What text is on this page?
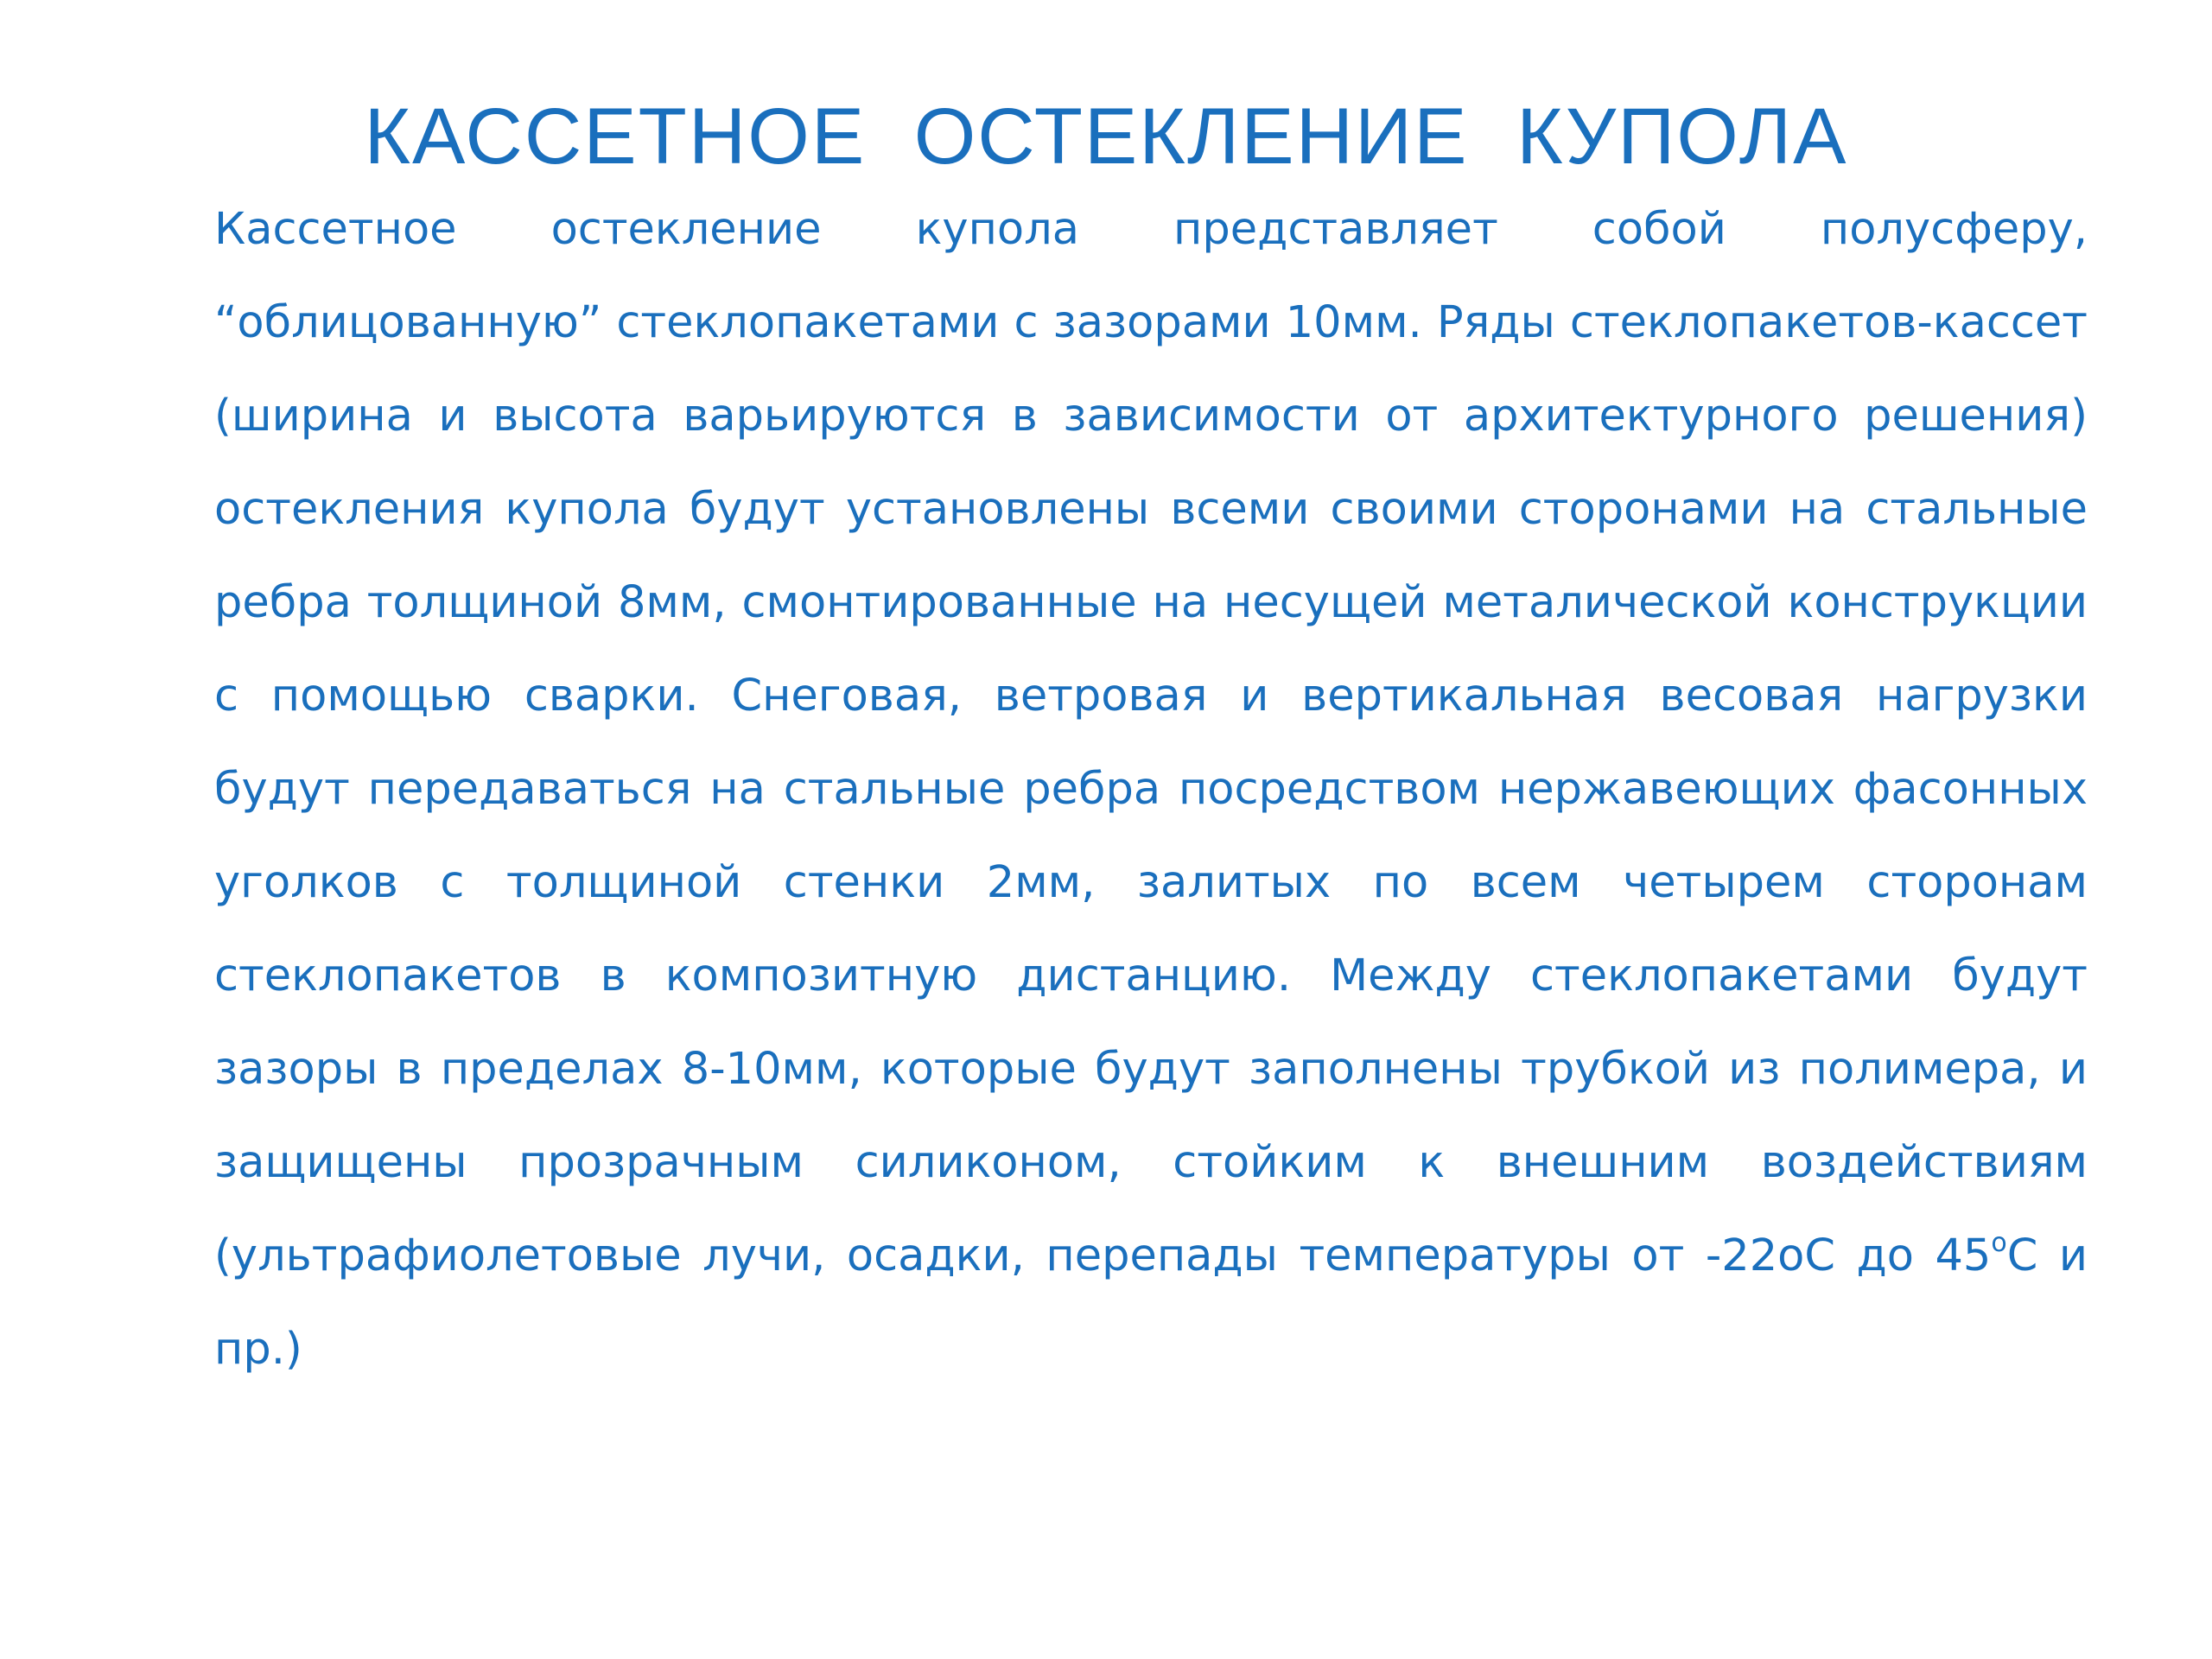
КАССЕТНОЕ ОСТЕКЛЕНИЕ КУПОЛА

Кассетное остекление купола представляет собой полусферу, “облицованную” стеклопакетами с зазорами 10мм. Ряды стеклопакетов-кассет (ширина и высота варьируются в зависимости от архитектурного решения) остекления купола будут установлены всеми своими сторонами на стальные ребра толщиной 8мм, смонтированные на несущей металической конструкции с помощью сварки. Снеговая, ветровая и вертикальная весовая нагрузки будут передаваться на стальные ребра посредством нержавеющих фасонных уголков с толщиной стенки 2мм, залитых по всем четырем сторонам стеклопакетов в композитную дистанцию. Между стеклопакетами будут зазоры в пределах 8-10мм, которые будут заполнены трубкой из полимера, и защищены прозрачным силиконом, стойким к внешним воздействиям (ультрафиолетовые лучи, осадки, перепады температуры от -22оС до $45^оС$ и пр.)
